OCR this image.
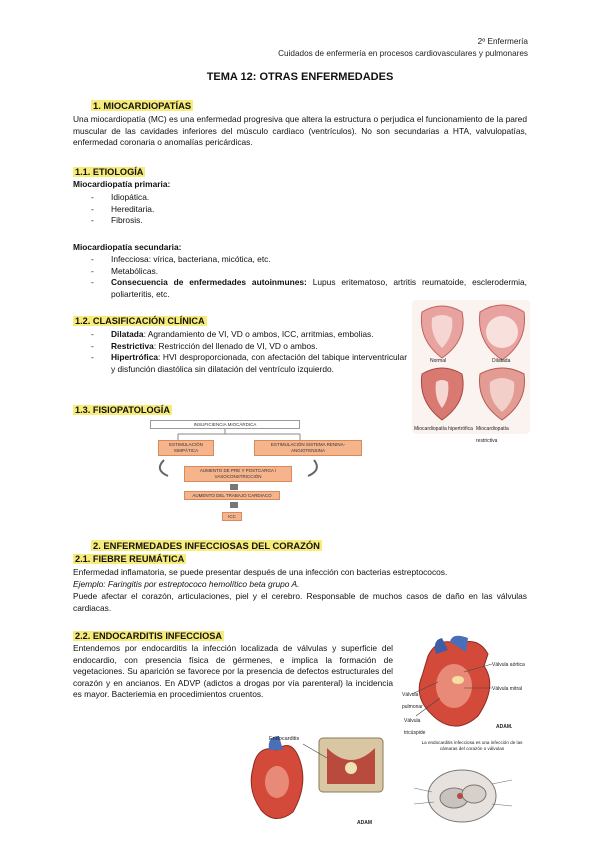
2º Enfermería
Cuidados de enfermería en procesos cardiovasculares y pulmonares
TEMA 12: OTRAS ENFERMEDADES
1. MIOCARDIOPATÍAS
Una miocardiopatía (MC) es una enfermedad progresiva que altera la estructura o perjudica el funcionamiento de la pared muscular de las cavidades inferiores del músculo cardiaco (ventrículos). No son secundarias a HTA, valvulopatías, enfermedad coronaria o anomalías pericárdicas.
1.1. ETIOLOGÍA
Miocardiopatía primaria:
- Idiopática.
- Hereditaria.
- Fibrosis.
Miocardiopatía secundaria:
- Infecciosa: vírica, bacteriana, micótica, etc.
- Metabólicas.
- Consecuencia de enfermedades autoinmunes: Lupus eritematoso, artritis reumatoide, esclerodermia, poliarteritis, etc.
1.2. CLASIFICACIÓN CLÍNICA
- Dilatada: Agrandamiento de VI, VD o ambos, ICC, arritmias, embolias.
- Restrictiva: Restricción del llenado de VI, VD o ambos.
- Hipertrófica: HVI desproporcionada, con afectación del tabique interventricular y disfunción diastólica sin dilatación del ventrículo izquierdo.
Normal	Dilatada
Miocardiopatía hipertrófica Miocardiopatía restrictiva
1.3. FISIOPATOLOGÍA
INSUFICIENCIA MIOCÁRDICA
ESTIMULACIÓN SIMPÁTICA
ESTIMULACIÓN SISTEMA RENINA-ANGIOTENSINA
AUMENTO DE PRE Y POSTCARGA / VASOCONSTRICCIÓN
AUMENTO DEL TRABAJO CARDIACO
ICC
2. ENFERMEDADES INFECCIOSAS DEL CORAZÓN
2.1. FIEBRE REUMÁTICA
Enfermedad inflamatoria, se puede presentar después de una infección con bacterias estreptococos.
Ejemplo: Faringitis por estreptococo hemolítico beta grupo A.
Puede afectar el corazón, articulaciones, piel y el cerebro. Responsable de muchos casos de daño en las válvulas cardiacas.
2.2. ENDOCARDITIS INFECCIOSA
Entendemos por endocarditis la infección localizada de válvulas y superficie del endocardio, con presencia física de gérmenes, e implica la formación de vegetaciones. Su aparición se favorece por la presencia de defectos estructurales del corazón y en ancianos. En ADVP (adictos a drogas por vía parenteral) la incidencia es mayor. Bacteriemia en procedimientos cruentos.
Válvula aórtica
Válvula mitral
Válvula pulmonar
Válvula tricúspide
ADAM.
Endocarditis
ADAM
La endocarditis infecciosa es una infección de las cámaras del corazón o válvulas
